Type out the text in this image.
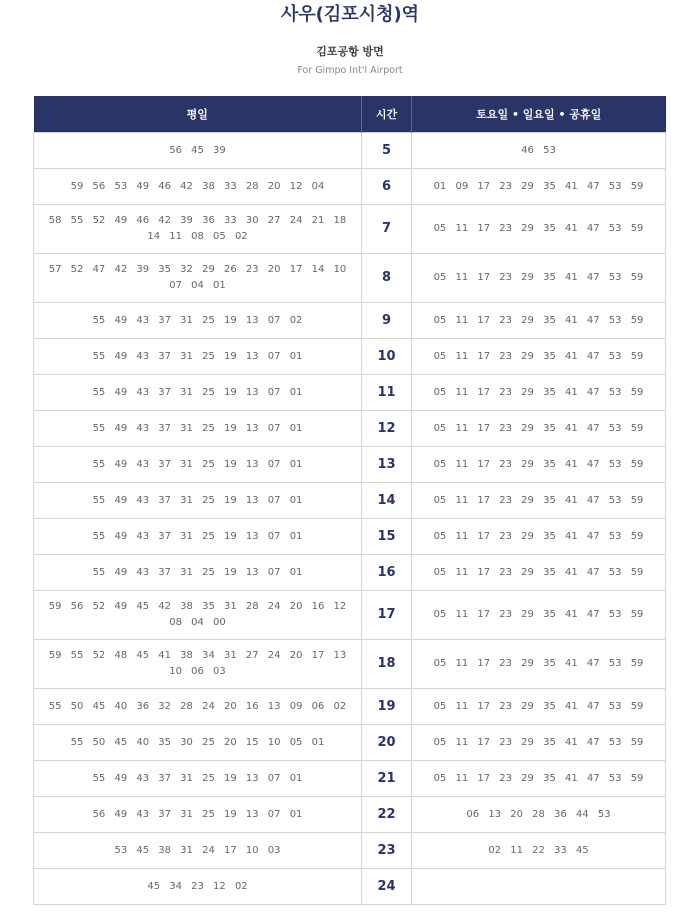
사우(김포시청)역
김포공항 방면
For Gimpo Int'l Airport
평일	시간	토요일 • 일요일 • 공휴일
56 45 39	5	46 53
59 56 53 49 46 42 38 33 28 20 12 04	6	01 09 17 23 29 35 41 47 53 59
58 55 52 49 46 42 39 36 33 30 27 24 21 18 14 11 08 05 02	7	05 11 17 23 29 35 41 47 53 59
57 52 47 42 39 35 32 29 26 23 20 17 14 10 07 04 01	8	05 11 17 23 29 35 41 47 53 59
55 49 43 37 31 25 19 13 07 02	9	05 11 17 23 29 35 41 47 53 59
55 49 43 37 31 25 19 13 07 01	10	05 11 17 23 29 35 41 47 53 59
55 49 43 37 31 25 19 13 07 01	11	05 11 17 23 29 35 41 47 53 59
55 49 43 37 31 25 19 13 07 01	12	05 11 17 23 29 35 41 47 53 59
55 49 43 37 31 25 19 13 07 01	13	05 11 17 23 29 35 41 47 53 59
55 49 43 37 31 25 19 13 07 01	14	05 11 17 23 29 35 41 47 53 59
55 49 43 37 31 25 19 13 07 01	15	05 11 17 23 29 35 41 47 53 59
55 49 43 37 31 25 19 13 07 01	16	05 11 17 23 29 35 41 47 53 59
59 56 52 49 45 42 38 35 31 28 24 20 16 12 08 04 00	17	05 11 17 23 29 35 41 47 53 59
59 55 52 48 45 41 38 34 31 27 24 20 17 13 10 06 03	18	05 11 17 23 29 35 41 47 53 59
55 50 45 40 36 32 28 24 20 16 13 09 06 02	19	05 11 17 23 29 35 41 47 53 59
55 50 45 40 35 30 25 20 15 10 05 01	20	05 11 17 23 29 35 41 47 53 59
55 49 43 37 31 25 19 13 07 01	21	05 11 17 23 29 35 41 47 53 59
56 49 43 37 31 25 19 13 07 01	22	06 13 20 28 36 44 53
53 45 38 31 24 17 10 03	23	02 11 22 33 45
45 34 23 12 02	24	
